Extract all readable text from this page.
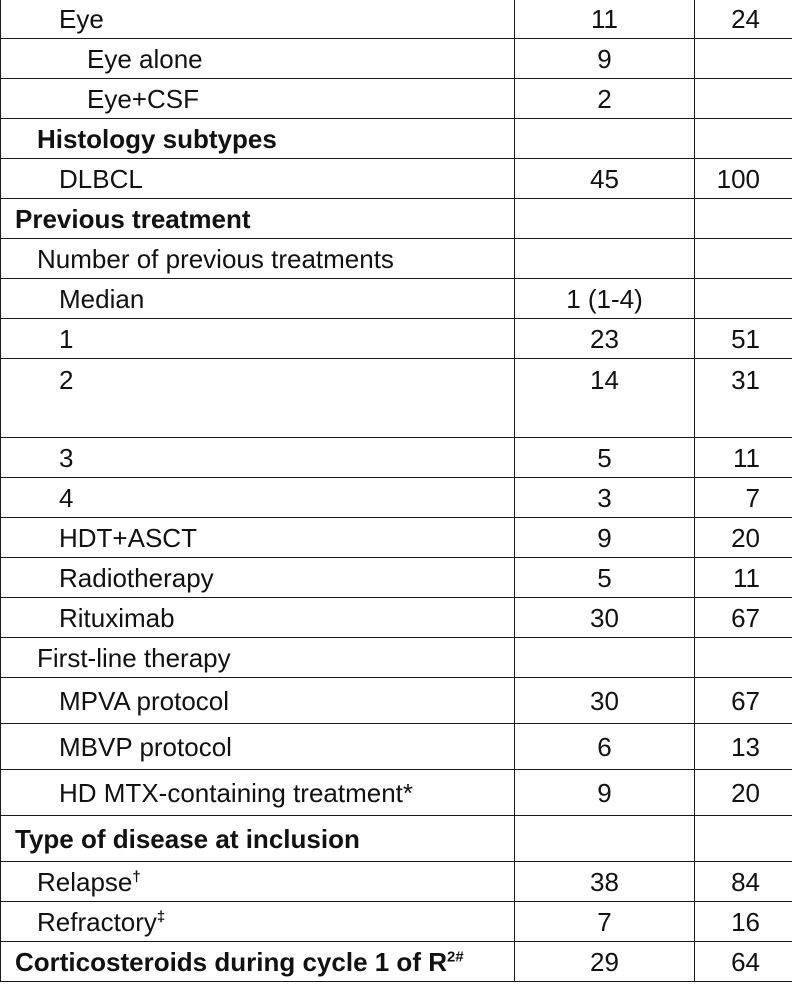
Eye	11	24
Eye alone	9	
Eye+CSF	2	
Histology subtypes		
DLBCL	45	100
Previous treatment		
Number of previous treatments		
Median	1 (1-4)	
1	23	51
2	14	31
3	5	11
4	3	7
HDT+ASCT	9	20
Radiotherapy	5	11
Rituximab	30	67
First-line therapy		
MPVA protocol	30	67
MBVP protocol	6	13
HD MTX-containing treatment*	9	20
Type of disease at inclusion		
Relapse†	38	84
Refractory‡	7	16
Corticosteroids during cycle 1 of $R^{2\#}$	29	64
